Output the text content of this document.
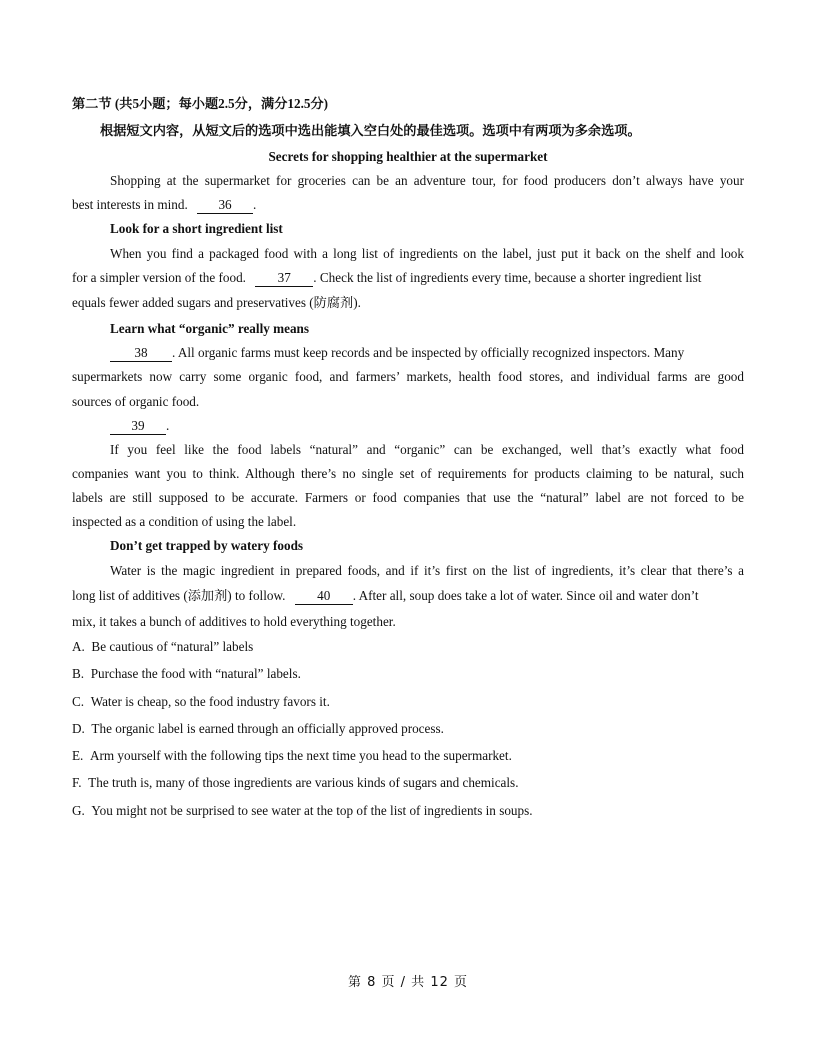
第二节 (共5小题；每小题2.5分，满分12.5分)
根据短文内容，从短文后的选项中选出能填入空白处的最佳选项。选项中有两项为多余选项。
Secrets for shopping healthier at the supermarket
Shopping at the supermarket for groceries can be an adventure tour, for food producers don’t always have your
best interests in mind. 36 .
Look for a short ingredient list
When you find a packaged food with a long list of ingredients on the label, just put it back on the shelf and look
for a simpler version of the food. 37 . Check the list of ingredients every time, because a shorter ingredient list
equals fewer added sugars and preservatives (防腐剂).
Learn what “organic” really means
38 . All organic farms must keep records and be inspected by officially recognized inspectors. Many
supermarkets now carry some organic food, and farmers’ markets, health food stores, and individual farms are good
sources of organic food.
39 .
If you feel like the food labels “natural” and “organic” can be exchanged, well that’s exactly what food
companies want you to think. Although there’s no single set of requirements for products claiming to be natural, such
labels are still supposed to be accurate. Farmers or food companies that use the “natural” label are not forced to be
inspected as a condition of using the label.
Don’t get trapped by watery foods
Water is the magic ingredient in prepared foods, and if it’s first on the list of ingredients, it’s clear that there’s a
long list of additives (添加剂) to follow. 40 . After all, soup does take a lot of water. Since oil and water don’t
mix, it takes a bunch of additives to hold everything together.
A. Be cautious of “natural” labels
B. Purchase the food with “natural” labels.
C. Water is cheap, so the food industry favors it.
D. The organic label is earned through an officially approved process.
E. Arm yourself with the following tips the next time you head to the supermarket.
F. The truth is, many of those ingredients are various kinds of sugars and chemicals.
G. You might not be surprised to see water at the top of the list of ingredients in soups.
第 8 页 / 共 12 页
